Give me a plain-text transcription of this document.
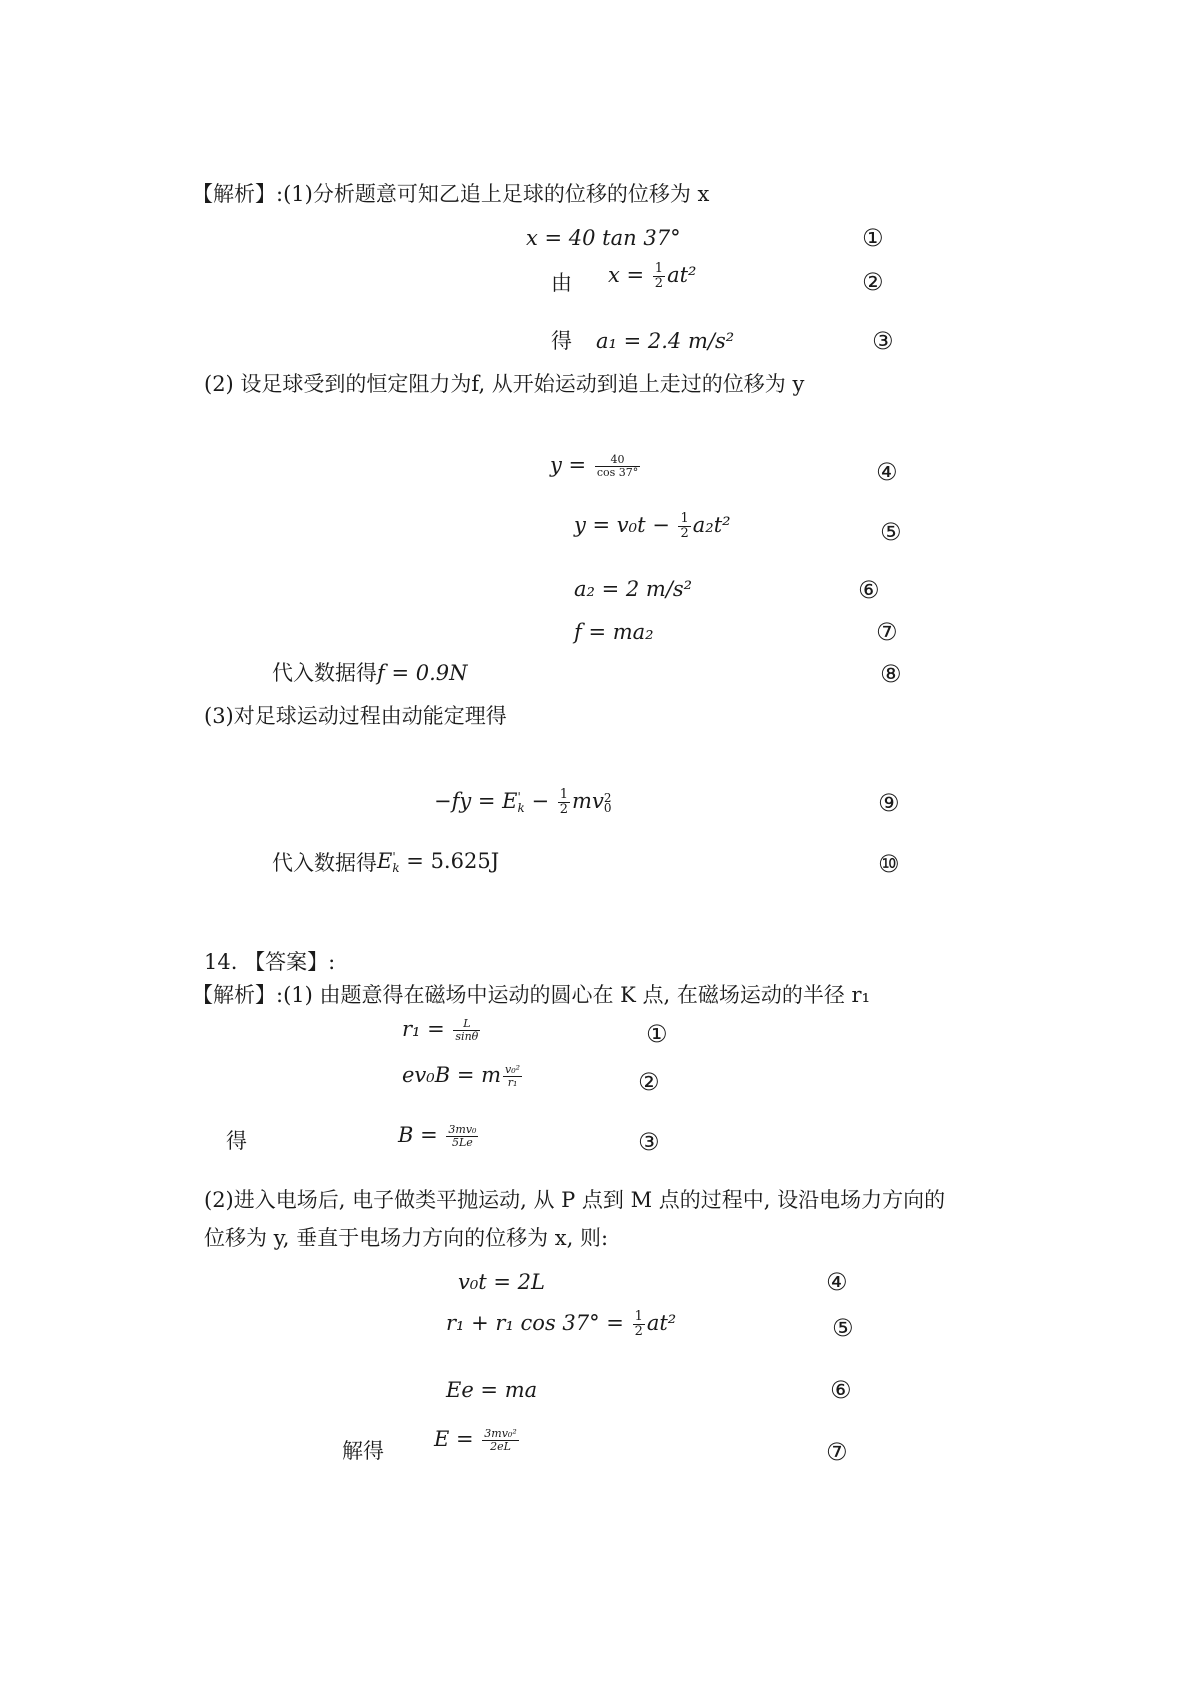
【解析】:(1)分析题意可知乙追上足球的位移的位移为 x
x = 40 tan 37°	①
由 $x = \frac{1}{2} at^2$	②
得 a₁ = 2.4 m/s²	③
(2) 设足球受到的恒定阻力为f, 从开始运动到追上走过的位移为 y
$y = \frac{40}{\cos 37^\circ}$	④
$y = v_0t - \frac{1}{2} a_2t^2$	⑤
a₂ = 2 m/s²	⑥
f = ma₂	⑦
代入数据得 f = 0.9N	⑧
(3)对足球运动过程由动能定理得
−fy = E '
$k - \frac{1}{2}$ mv 2
0	⑨
代入数据得 E '
k = 5.625J	⑩
14. 【答案】:
【解析】:(1) 由题意得在磁场中运动的圆心在 K 点, 在磁场运动的半径 r₁
$r_1 = \frac{L}{\sin\theta}$	①
ev₀B = m $\frac{\text{v₀²}}{\text{r₁}}$	②
得	$B = \frac{\text{3mv₀}}{5Le}$	③
(2)进入电场后, 电子做类平抛运动, 从 P 点到 M 点的过程中, 设沿电场力方向的
位移为 y, 垂直于电场力方向的位移为 x, 则:
v₀t = 2L	④
r₁ + r₁ $\cos 37^\circ = \frac{1}{2} at^2$	⑤
Ee = ma	⑥
解得 $E = \frac{\text{3mv₀²}}{2eL}$	⑦
